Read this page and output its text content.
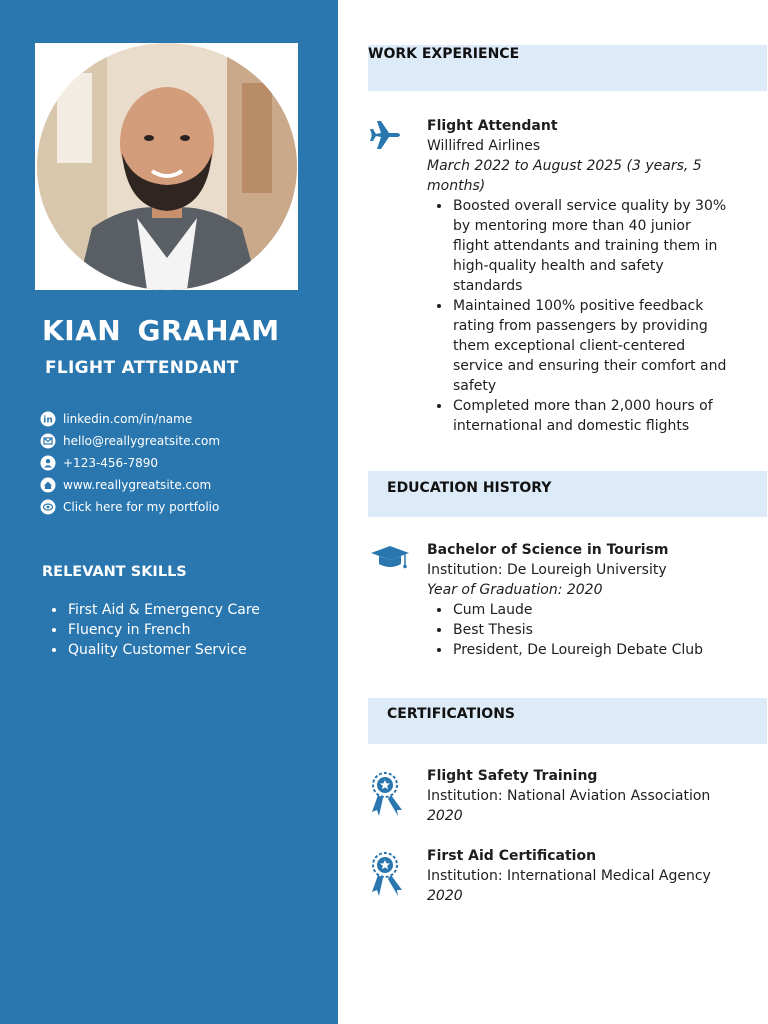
KIAN GRAHAM
FLIGHT ATTENDANT
in linkedin.com/in/name
hello@reallygreatsite.com
+123-456-7890
www.reallygreatsite.com
Click here for my portfolio
RELEVANT SKILLS
First Aid & Emergency Care
Fluency in French
Quality Customer Service
WORK EXPERIENCE
Flight Attendant
Willifred Airlines
March 2022 to August 2025 (3 years, 5 months)
Boosted overall service quality by 30% by mentoring more than 40 junior flight attendants and training them in high-quality health and safety standards
Maintained 100% positive feedback rating from passengers by providing them exceptional client-centered service and ensuring their comfort and safety
Completed more than 2,000 hours of international and domestic flights
EDUCATION HISTORY
Bachelor of Science in Tourism
Institution: De Loureigh University
Year of Graduation: 2020
Cum Laude
Best Thesis
President, De Loureigh Debate Club
CERTIFICATIONS
Flight Safety Training
Institution: National Aviation Association
2020
First Aid Certification
Institution: International Medical Agency
2020
